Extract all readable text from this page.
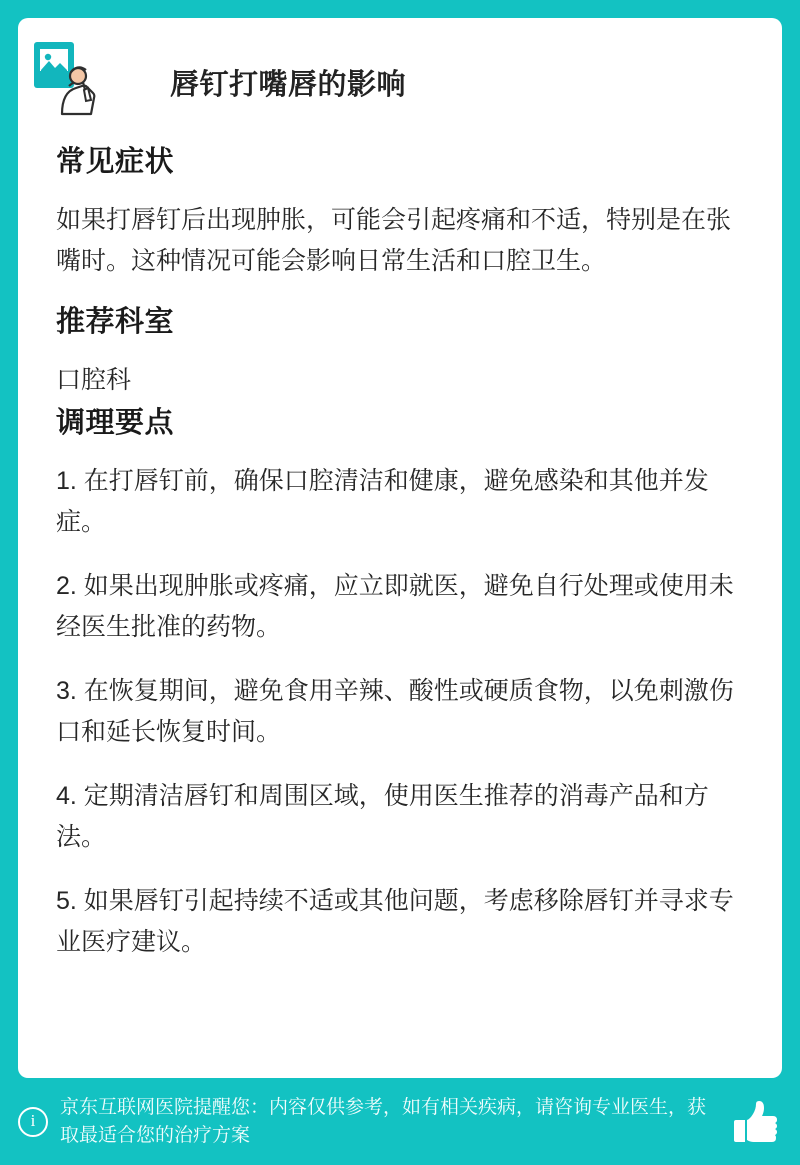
唇钉打嘴唇的影响
常见症状

如果打唇钉后出现肿胀，可能会引起疼痛和不适，特别是在张嘴时。这种情况可能会影响日常生活和口腔卫生。

推荐科室

口腔科

调理要点

1. 在打唇钉前，确保口腔清洁和健康，避免感染和其他并发症。

2. 如果出现肿胀或疼痛，应立即就医，避免自行处理或使用未经医生批准的药物。

3. 在恢复期间，避免食用辛辣、酸性或硬质食物，以免刺激伤口和延长恢复时间。

4. 定期清洁唇钉和周围区域，使用医生推荐的消毒产品和方法。

5. 如果唇钉引起持续不适或其他问题，考虑移除唇钉并寻求专业医疗建议。

i
京东互联网医院提醒您：内容仅供参考，如有相关疾病，请咨询专业医生，获取最适合您的治疗方案
